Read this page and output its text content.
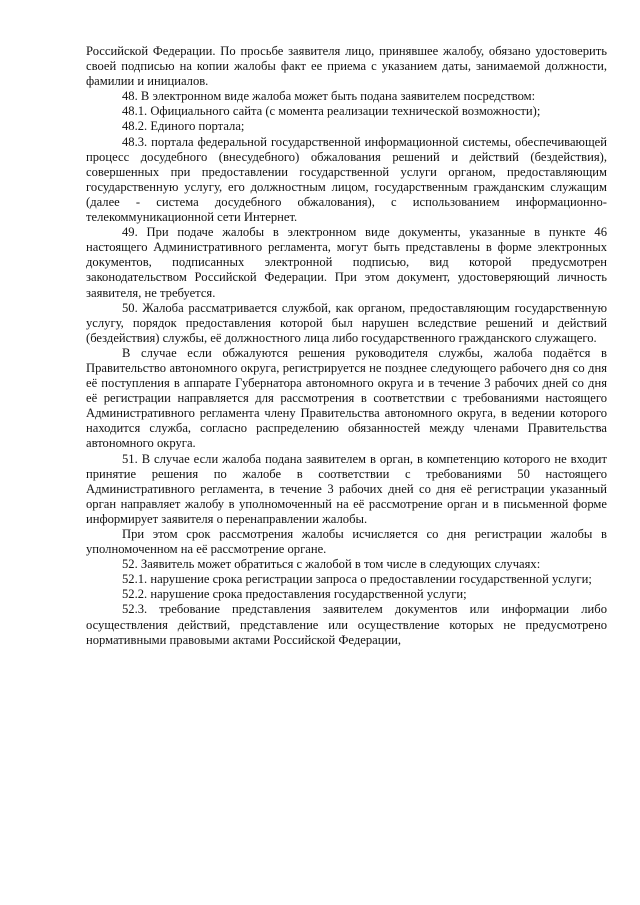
Российской Федерации. По просьбе заявителя лицо, принявшее жалобу, обязано удостоверить своей подписью на копии жалобы факт ее приема с указанием даты, занимаемой должности, фамилии и инициалов.

48. В электронном виде жалоба может быть подана заявителем посредством:

48.1. Официального сайта (с момента реализации технической возможности);

48.2. Единого портала;

48.3. портала федеральной государственной информационной системы, обеспечивающей процесс досудебного (внесудебного) обжалования решений и действий (бездействия), совершенных при предоставлении государственной услуги органом, предоставляющим государственную услугу, его должностным лицом, государственным гражданским служащим (далее - система досудебного обжалования), с использованием информационно-телекоммуникационной сети Интернет.

49. При подаче жалобы в электронном виде документы, указанные в пункте 46 настоящего Административного регламента, могут быть представлены в форме электронных документов, подписанных электронной подписью, вид которой предусмотрен законодательством Российской Федерации. При этом документ, удостоверяющий личность заявителя, не требуется.

50. Жалоба рассматривается службой, как органом, предоставляющим государственную услугу, порядок предоставления которой был нарушен вследствие решений и действий (бездействия) службы, её должностного лица либо государственного гражданского служащего.

В случае если обжалуются решения руководителя службы, жалоба подаётся в Правительство автономного округа, регистрируется не позднее следующего рабочего дня со дня её поступления в аппарате Губернатора автономного округа и в течение 3 рабочих дней со дня её регистрации направляется для рассмотрения в соответствии с требованиями настоящего Административного регламента члену Правительства автономного округа, в ведении которого находится служба, согласно распределению обязанностей между членами Правительства автономного округа.

51. В случае если жалоба подана заявителем в орган, в компетенцию которого не входит принятие решения по жалобе в соответствии с требованиями 50 настоящего Административного регламента, в течение 3 рабочих дней со дня её регистрации указанный орган направляет жалобу в уполномоченный на её рассмотрение орган и в письменной форме информирует заявителя о перенаправлении жалобы.

При этом срок рассмотрения жалобы исчисляется со дня регистрации жалобы в уполномоченном на её рассмотрение органе.

52. Заявитель может обратиться с жалобой в том числе в следующих случаях:

52.1. нарушение срока регистрации запроса о предоставлении государственной услуги;

52.2. нарушение срока предоставления государственной услуги;

52.3. требование представления заявителем документов или информации либо осуществления действий, представление или осуществление которых не предусмотрено нормативными правовыми актами Российской Федерации,
